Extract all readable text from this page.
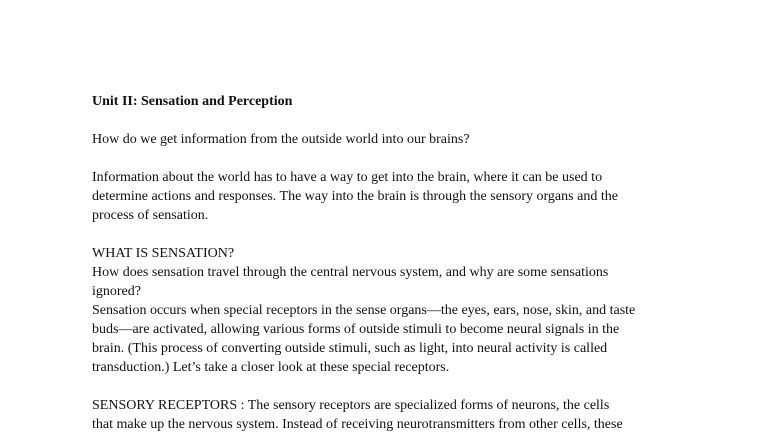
Unit II: Sensation and Perception
How do we get information from the outside world into our brains?
Information about the world has to have a way to get into the brain, where it can be used to
determine actions and responses. The way into the brain is through the sensory organs and the
process of sensation.
WHAT IS SENSATION?
How does sensation travel through the central nervous system, and why are some sensations
ignored?
Sensation occurs when special receptors in the sense organs—the eyes, ears, nose, skin, and taste
buds—are activated, allowing various forms of outside stimuli to become neural signals in the
brain. (This process of converting outside stimuli, such as light, into neural activity is called
transduction.) Let’s take a closer look at these special receptors.
SENSORY RECEPTORS : The sensory receptors are specialized forms of neurons, the cells
that make up the nervous system. Instead of receiving neurotransmitters from other cells, these
